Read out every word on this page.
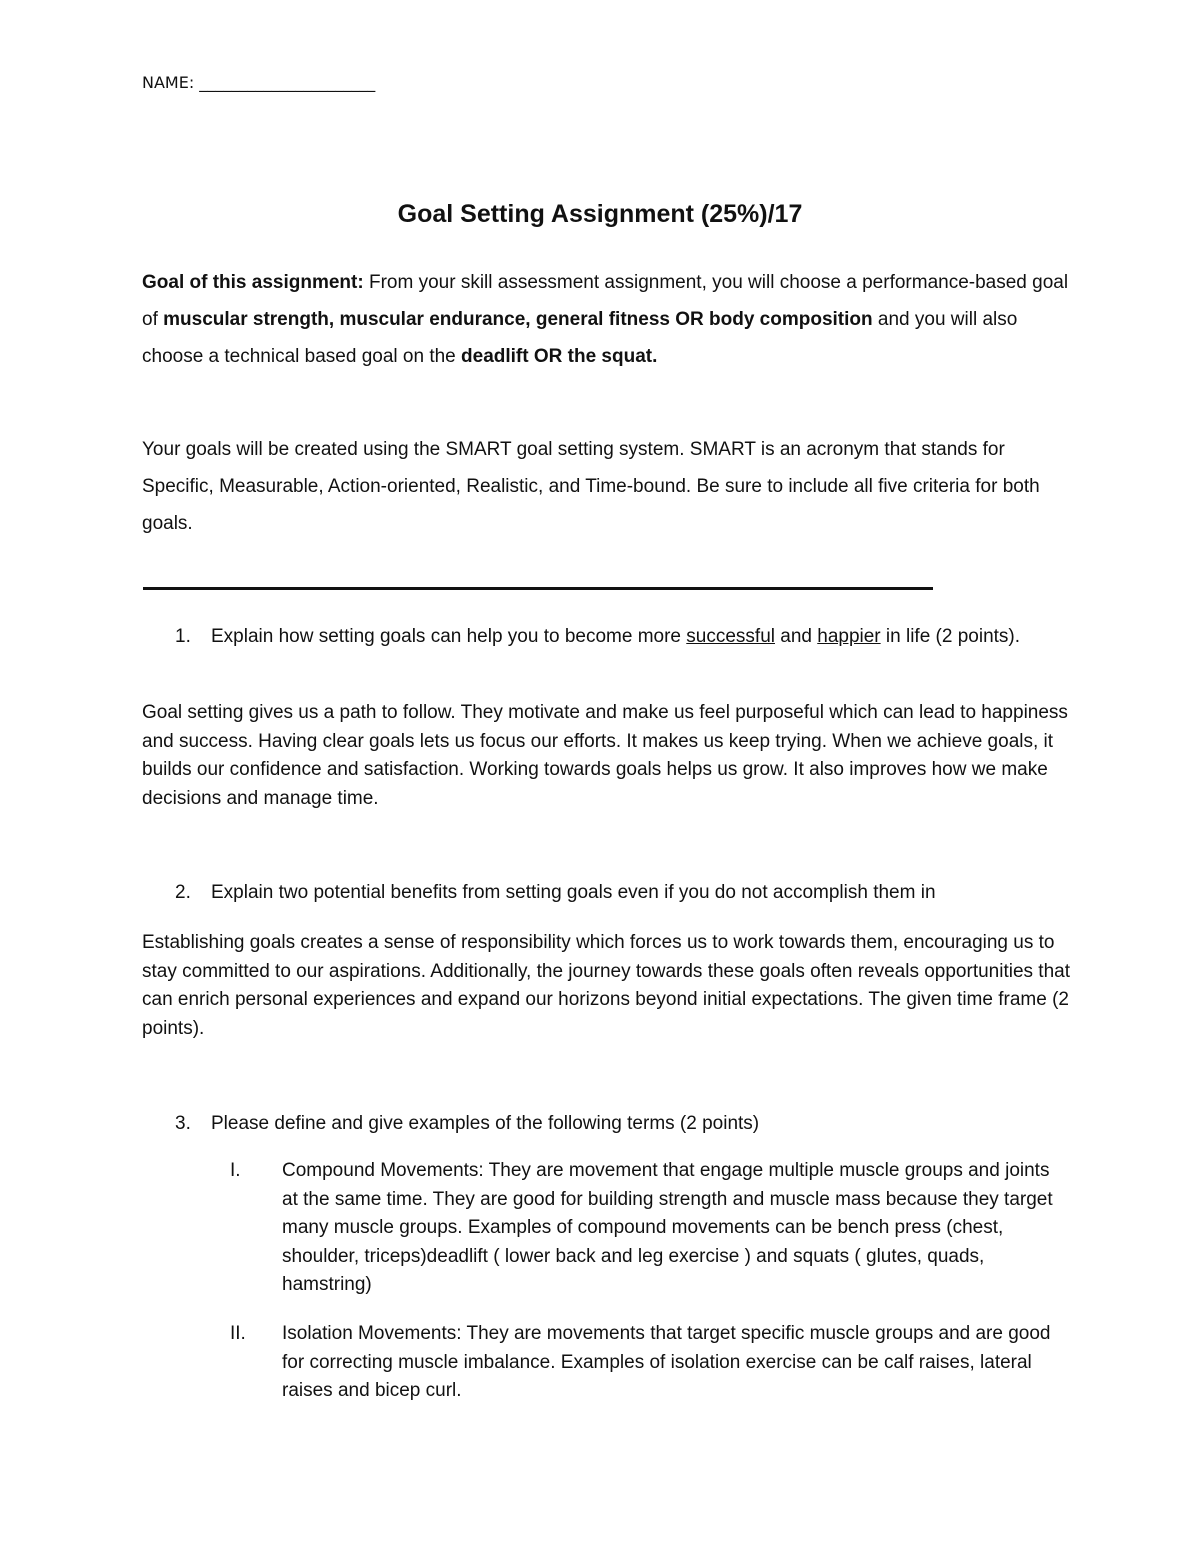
NAME: ______________________
Goal Setting Assignment (25%)/17

Goal of this assignment: From your skill assessment assignment, you will choose a performance-based goal of muscular strength, muscular endurance, general fitness OR body composition and you will also choose a technical based goal on the deadlift OR the squat.

Your goals will be created using the SMART goal setting system. SMART is an acronym that stands for Specific, Measurable, Action-oriented, Realistic, and Time-bound. Be sure to include all five criteria for both goals.

1. Explain how setting goals can help you to become more successful and happier in life (2 points).

Goal setting gives us a path to follow. They motivate and make us feel purposeful which can lead to happiness and success. Having clear goals lets us focus our efforts. It makes us keep trying. When we achieve goals, it builds our confidence and satisfaction. Working towards goals helps us grow. It also improves how we make decisions and manage time.

2. Explain two potential benefits from setting goals even if you do not accomplish them in

Establishing goals creates a sense of responsibility which forces us to work towards them, encouraging us to stay committed to our aspirations. Additionally, the journey towards these goals often reveals opportunities that can enrich personal experiences and expand our horizons beyond initial expectations. The given time frame (2 points).

3. Please define and give examples of the following terms (2 points)

I. Compound Movements: They are movement that engage multiple muscle groups and joints at the same time. They are good for building strength and muscle mass because they target many muscle groups. Examples of compound movements can be bench press (chest, shoulder, triceps)deadlift ( lower back and leg exercise ) and squats ( glutes, quads, hamstring)

II. Isolation Movements: They are movements that target specific muscle groups and are good for correcting muscle imbalance. Examples of isolation exercise can be calf raises, lateral raises and bicep curl.
